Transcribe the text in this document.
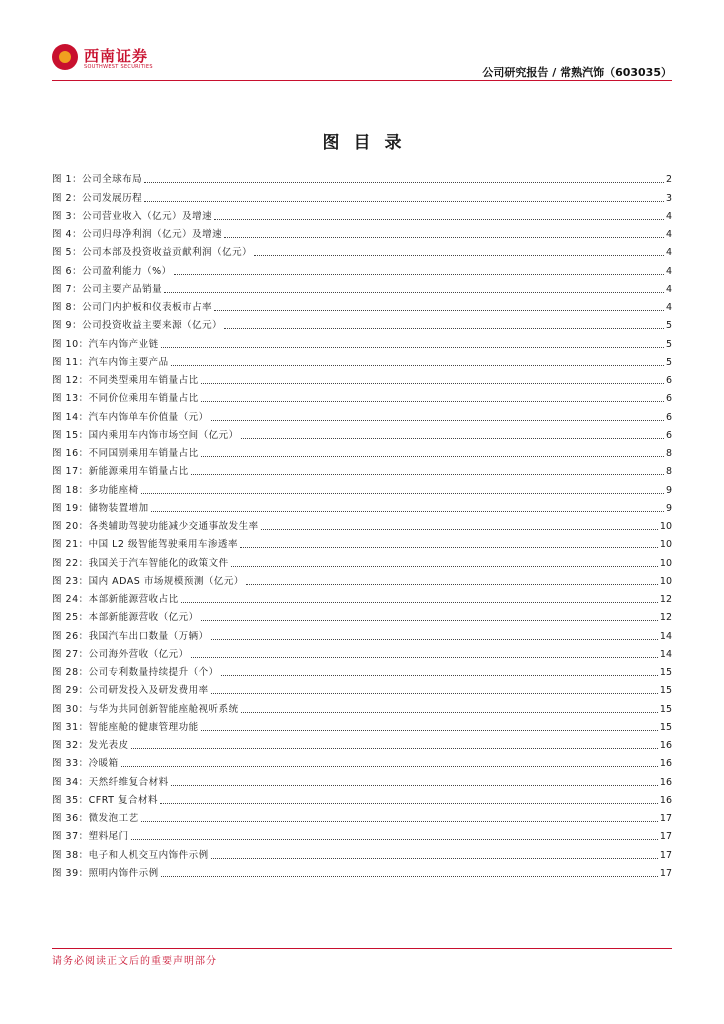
西南证券
SOUTHWEST SECURITIES	公司研究报告 / 常熟汽饰（603035）
图目录
图 1：公司全球布局	2
图 2：公司发展历程	3
图 3：公司营业收入（亿元）及增速	4
图 4：公司归母净利润（亿元）及增速	4
图 5：公司本部及投资收益贡献利润（亿元）	4
图 6：公司盈利能力（%）	4
图 7：公司主要产品销量	4
图 8：公司门内护板和仪表板市占率	4
图 9：公司投资收益主要来源（亿元）	5
图 10：汽车内饰产业链	5
图 11：汽车内饰主要产品	5
图 12：不同类型乘用车销量占比	6
图 13：不同价位乘用车销量占比	6
图 14：汽车内饰单车价值量（元）	6
图 15：国内乘用车内饰市场空间（亿元）	6
图 16：不同国别乘用车销量占比	8
图 17：新能源乘用车销量占比	8
图 18：多功能座椅	9
图 19：储物装置增加	9
图 20：各类辅助驾驶功能减少交通事故发生率	10
图 21：中国 L2 级智能驾驶乘用车渗透率	10
图 22：我国关于汽车智能化的政策文件	10
图 23：国内 ADAS 市场规模预测（亿元）	10
图 24：本部新能源营收占比	12
图 25：本部新能源营收（亿元）	12
图 26：我国汽车出口数量（万辆）	14
图 27：公司海外营收（亿元）	14
图 28：公司专利数量持续提升（个）	15
图 29：公司研发投入及研发费用率	15
图 30：与华为共同创新智能座舱视听系统	15
图 31：智能座舱的健康管理功能	15
图 32：发光表皮	16
图 33：冷暖箱	16
图 34：天然纤维复合材料	16
图 35：CFRT 复合材料	16
图 36：微发泡工艺	17
图 37：塑料尾门	17
图 38：电子和人机交互内饰件示例	17
图 39：照明内饰件示例	17
请务必阅读正文后的重要声明部分
